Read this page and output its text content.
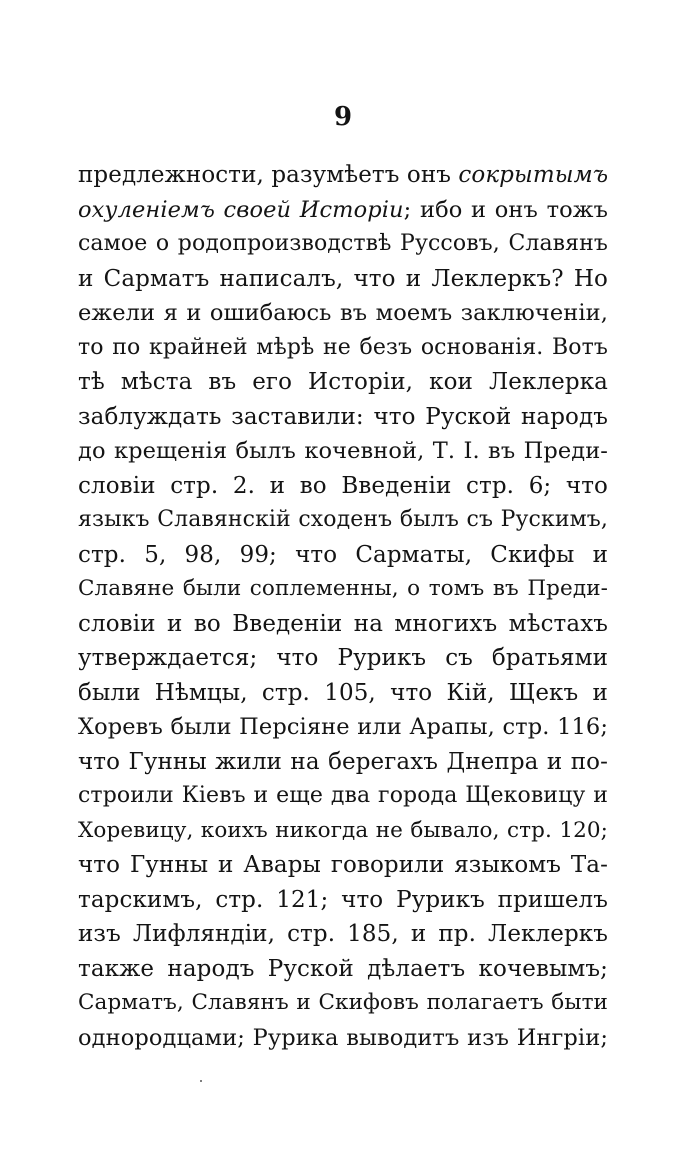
9
предлежности, разумѣетъ онъ сокрытымъ
охуленіемъ своей Исторіи; ибо и онъ тожъ
самое о родопроизводствѣ Руссовъ, Славянъ
и Сарматъ написалъ, что и Леклеркъ? Но
ежели я и ошибаюсь въ моемъ заключеніи,
то по крайней мѣрѣ не безъ основанія. Вотъ
тѣ мѣста въ его Исторіи, кои Леклерка
заблуждать заставили: что Руской народъ
до крещенія былъ кочевной, Т. I. въ Преди-
словіи стр. 2. и во Введеніи стр. 6; что
языкъ Славянскій сходенъ былъ съ Рускимъ,
стр. 5, 98, 99; что Сарматы, Скифы и
Славяне были соплеменны, о томъ въ Преди-
словіи и во Введеніи на многихъ мѣстахъ
утверждается; что Рурикъ съ братьями
были Нѣмцы, стр. 105, что Кій, Щекъ и
Хоревъ были Персіяне или Арапы, стр. 116;
что Гунны жили на берегахъ Днепра и по-
строили Кіевъ и еще два города Щековицу и
Хоревицу, коихъ никогда не бывало, стр. 120;
что Гунны и Авары говорили языкомъ Та-
тарскимъ, стр. 121; что Рурикъ пришелъ
изъ Лифляндіи, стр. 185, и пр. Леклеркъ
также народъ Руской дѣлаетъ кочевымъ;
Сарматъ, Славянъ и Скифовъ полагаетъ быти
однородцами; Рурика выводитъ изъ Ингріи;
